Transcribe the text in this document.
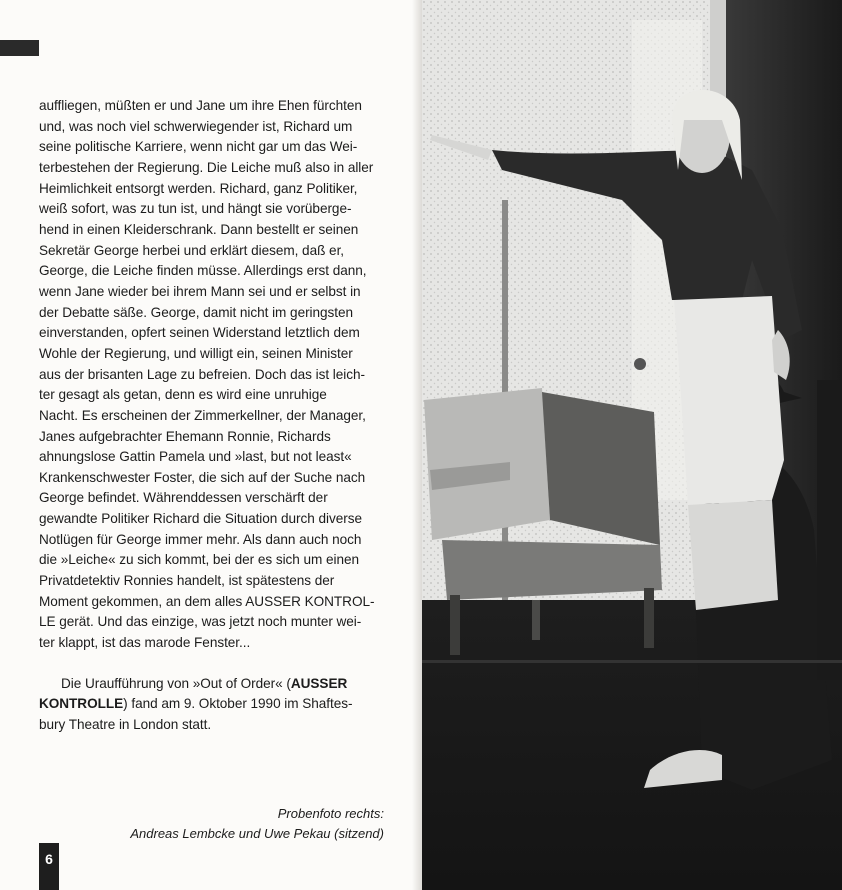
auffliegen, müßten er und Jane um ihre Ehen fürchten
und, was noch viel schwerwiegender ist, Richard um
seine politische Karriere, wenn nicht gar um das Wei-
terbestehen der Regierung. Die Leiche muß also in aller
Heimlichkeit entsorgt werden. Richard, ganz Politiker,
weiß sofort, was zu tun ist, und hängt sie vorüberge-
hend in einen Kleiderschrank. Dann bestellt er seinen
Sekretär George herbei und erklärt diesem, daß er,
George, die Leiche finden müsse. Allerdings erst dann,
wenn Jane wieder bei ihrem Mann sei und er selbst in
der Debatte säße. George, damit nicht im geringsten
einverstanden, opfert seinen Widerstand letztlich dem
Wohle der Regierung, und willigt ein, seinen Minister
aus der brisanten Lage zu befreien. Doch das ist leich-
ter gesagt als getan, denn es wird eine unruhige
Nacht. Es erscheinen der Zimmerkellner, der Manager,
Janes aufgebrachter Ehemann Ronnie, Richards
ahnungslose Gattin Pamela und »last, but not least«
Krankenschwester Foster, die sich auf der Suche nach
George befindet. Währenddessen verschärft der
gewandte Politiker Richard die Situation durch diverse
Notlügen für George immer mehr. Als dann auch noch
die »Leiche« zu sich kommt, bei der es sich um einen
Privatdetektiv Ronnies handelt, ist spätestens der
Moment gekommen, an dem alles AUSSER KONTROL-
LE gerät. Und das einzige, was jetzt noch munter wei-
ter klappt, ist das marode Fenster...
Die Uraufführung von »Out of Order« (AUSSER
KONTROLLE) fand am 9. Oktober 1990 im Shaftes-
bury Theatre in London statt.
Probenfoto rechts:
Andreas Lembcke und Uwe Pekau (sitzend)
6
